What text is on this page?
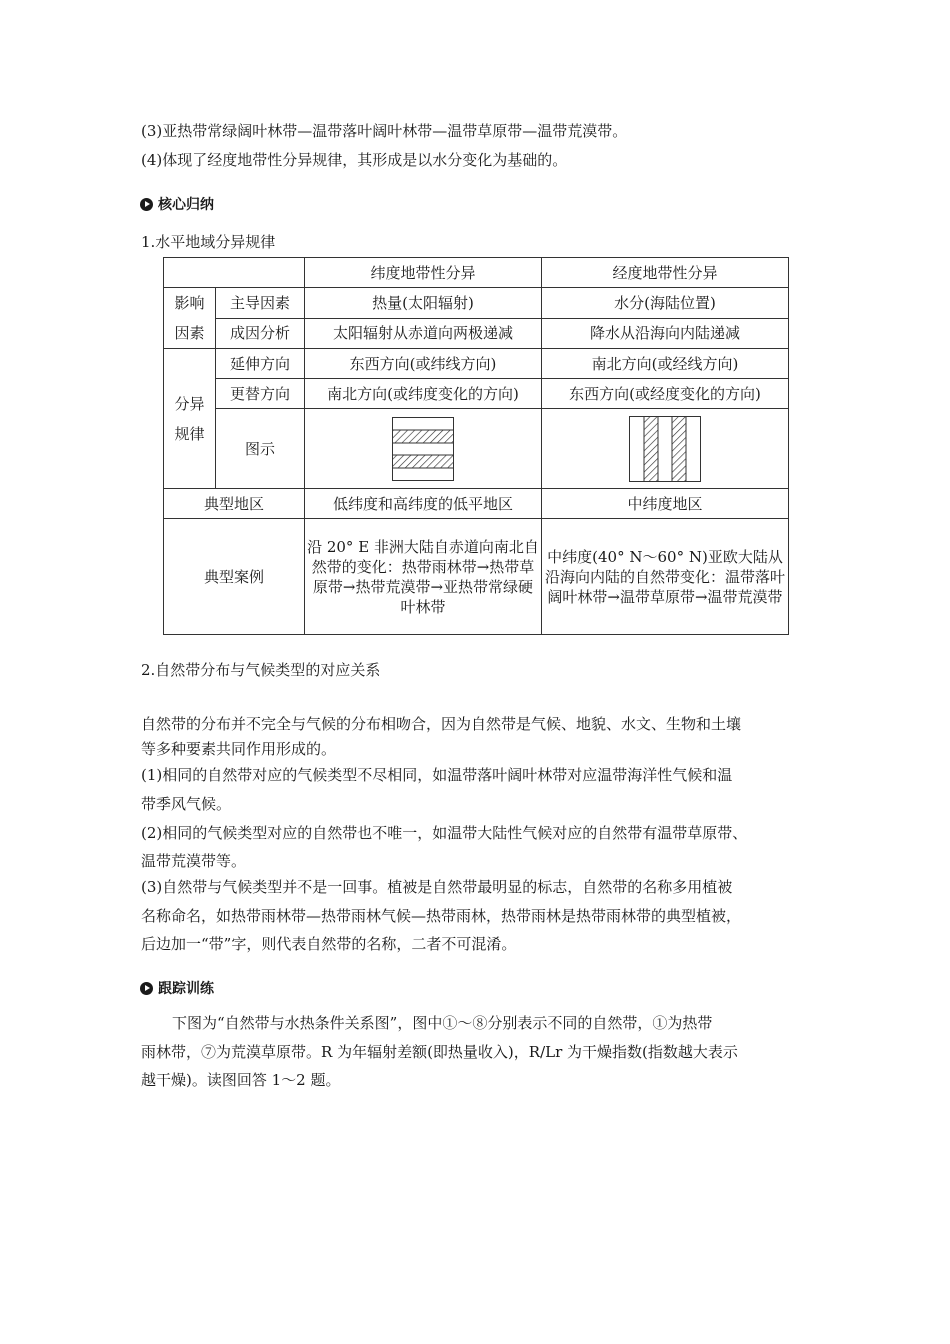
(3)亚热带常绿阔叶林带—温带落叶阔叶林带—温带草原带—温带荒漠带。
(4)体现了经度地带性分异规律，其形成是以水分变化为基础的。
核心归纳
1.水平地域分异规律
		纬度地带性分异	经度地带性分异

影响
因素	主导因素	热量(太阳辐射)	水分(海陆位置)
	成因分析	太阳辐射从赤道向两极递减	降水从沿海向内陆递减

分异
规律	延伸方向	东西方向(或纬线方向)	南北方向(或经线方向)
	更替方向	南北方向(或纬度变化的方向)	东西方向(或经度变化的方向)
	图示	

典型地区		低纬度和高纬度的低平地区	中纬度地区
典型案例		沿 20° E 非洲大陆自赤道向南北自然带的变化：热带雨林带→热带草原带→热带荒漠带→亚热带常绿硬叶林带	中纬度(40° N～60° N)亚欧大陆从沿海向内陆的自然带变化：温带落叶阔叶林带→温带草原带→温带荒漠带
2.自然带分布与气候类型的对应关系
自然带的分布并不完全与气候的分布相吻合，因为自然带是气候、地貌、水文、生物和土壤
等多种要素共同作用形成的。
(1)相同的自然带对应的气候类型不尽相同，如温带落叶阔叶林带对应温带海洋性气候和温
带季风气候。
(2)相同的气候类型对应的自然带也不唯一，如温带大陆性气候对应的自然带有温带草原带、
温带荒漠带等。
(3)自然带与气候类型并不是一回事。植被是自然带最明显的标志，自然带的名称多用植被
名称命名，如热带雨林带—热带雨林气候—热带雨林，热带雨林是热带雨林带的典型植被，
后边加一“带”字，则代表自然带的名称，二者不可混淆。
跟踪训练
下图为“自然带与水热条件关系图”，图中①～⑧分别表示不同的自然带，①为热带
雨林带，⑦为荒漠草原带。R 为年辐射差额(即热量收入)，R/Lr 为干燥指数(指数越大表示
越干燥)。读图回答 1～2 题。
